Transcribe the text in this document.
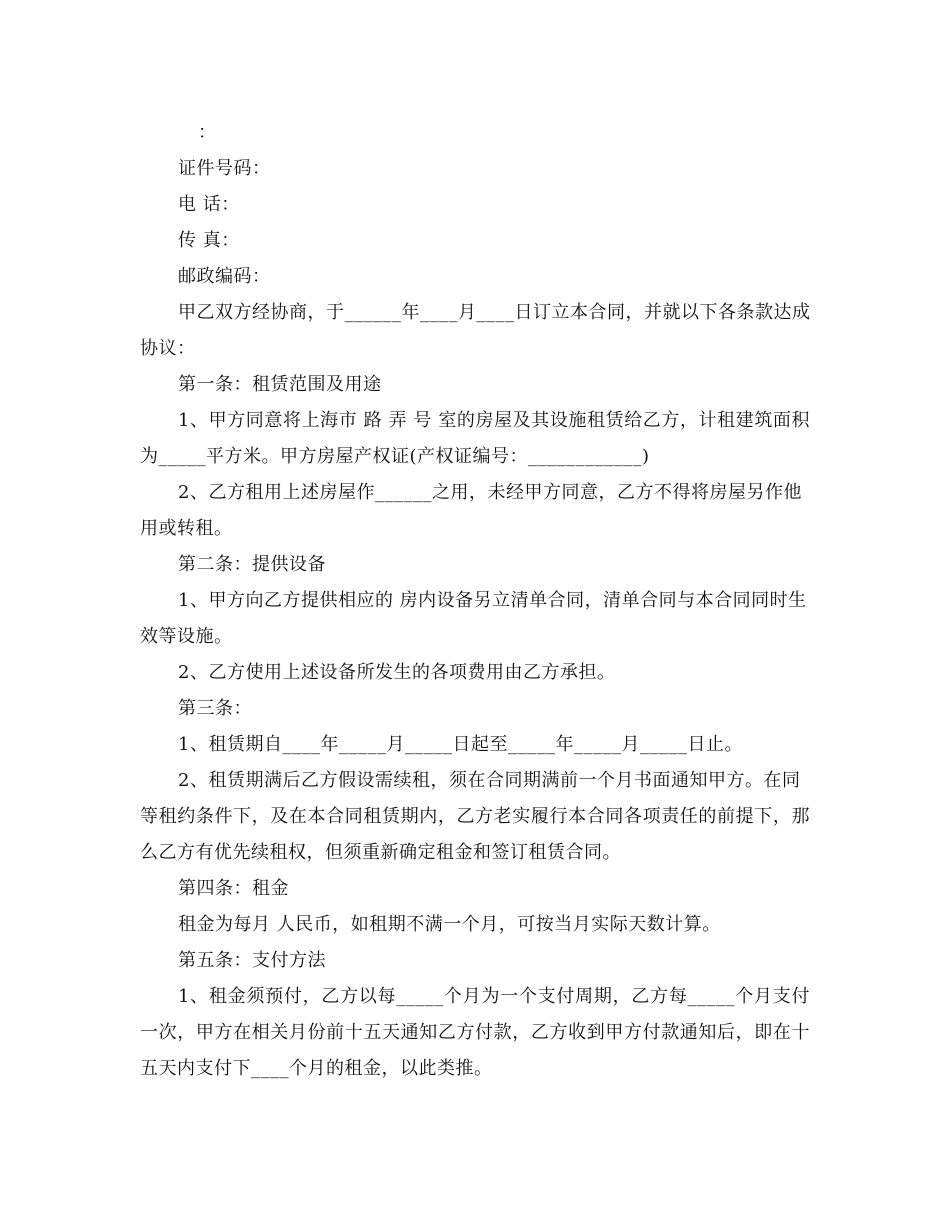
：
证件号码：
电 话：
传 真：
邮政编码：
甲乙双方经协商，于______年____月____日订立本合同，并就以下各条款达成
协议：
第一条：租赁范围及用途
1、甲方同意将上海市 路 弄 号 室的房屋及其设施租赁给乙方，计租建筑面积
为_____平方米。甲方房屋产权证(产权证编号：____________)
2、乙方租用上述房屋作______之用，未经甲方同意，乙方不得将房屋另作他
用或转租。
第二条：提供设备
1、甲方向乙方提供相应的 房内设备另立清单合同，清单合同与本合同同时生
效等设施。
2、乙方使用上述设备所发生的各项费用由乙方承担。
第三条：
1、租赁期自____年_____月_____日起至_____年_____月_____日止。
2、租赁期满后乙方假设需续租，须在合同期满前一个月书面通知甲方。在同
等租约条件下，及在本合同租赁期内，乙方老实履行本合同各项责任的前提下，那
么乙方有优先续租权，但须重新确定租金和签订租赁合同。
第四条：租金
租金为每月 人民币，如租期不满一个月，可按当月实际天数计算。
第五条：支付方法
1、租金须预付，乙方以每_____个月为一个支付周期，乙方每_____个月支付
一次，甲方在相关月份前十五天通知乙方付款，乙方收到甲方付款通知后，即在十
五天内支付下____个月的租金，以此类推。
